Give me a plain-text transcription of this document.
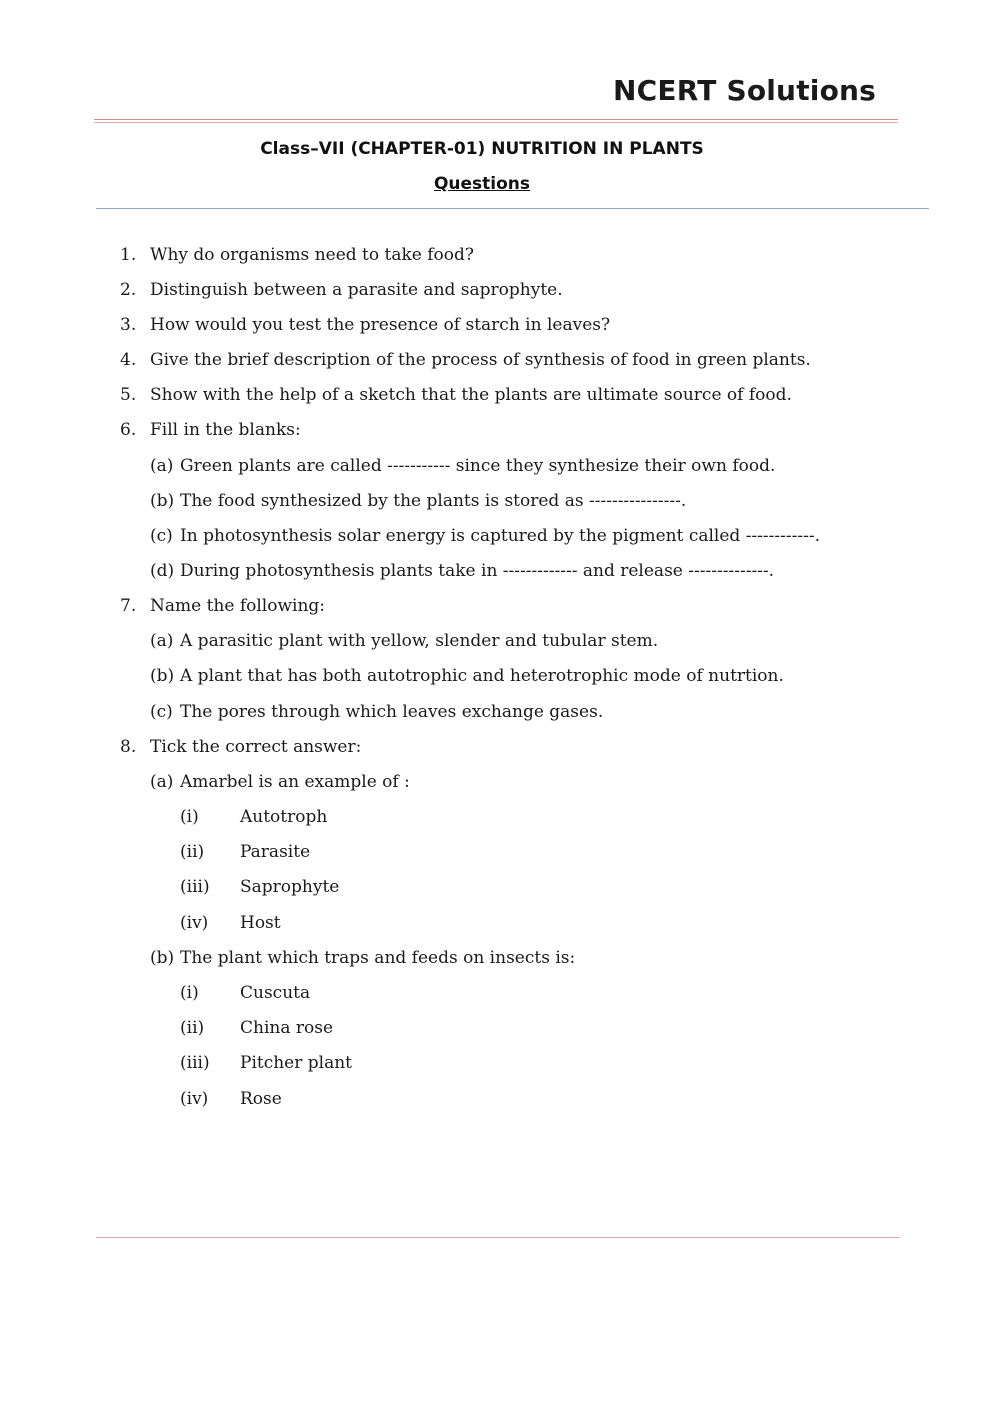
NCERT Solutions
Class–VII (CHAPTER-01) NUTRITION IN PLANTS
Questions
1. Why do organisms need to take food?
2. Distinguish between a parasite and saprophyte.
3. How would you test the presence of starch in leaves?
4. Give the brief description of the process of synthesis of food in green plants.
5. Show with the help of a sketch that the plants are ultimate source of food.
6. Fill in the blanks:
(a) Green plants are called ----------- since they synthesize their own food.
(b) The food synthesized by the plants is stored as ----------------.
(c) In photosynthesis solar energy is captured by the pigment called ------------.
(d) During photosynthesis plants take in ------------- and release --------------.
7. Name the following:
(a) A parasitic plant with yellow, slender and tubular stem.
(b) A plant that has both autotrophic and heterotrophic mode of nutrtion.
(c) The pores through which leaves exchange gases.
8. Tick the correct answer:
(a) Amarbel is an example of :
(i) Autotroph
(ii) Parasite
(iii) Saprophyte
(iv) Host
(b) The plant which traps and feeds on insects is:
(i) Cuscuta
(ii) China rose
(iii) Pitcher plant
(iv) Rose
